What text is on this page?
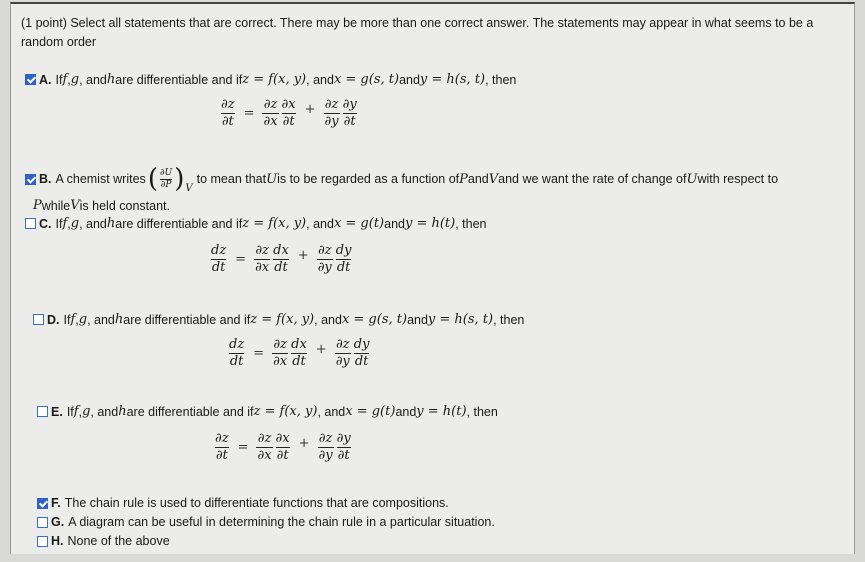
(1 point) Select all statements that are correct. There may be more than one correct answer. The statements may appear in what seems to be a random order
A. If f , g , and h are differentiable and if z = f(x, y) , and x = g(s, t) and y = h(s, t) , then
$\frac{\partial z}{\partial t} = \frac{\partial z}{\partial x} \frac{\partial x}{\partial t} + \frac{\partial z}{\partial y} \frac{\partial y}{\partial t}$
B. A chemist writes ( $\frac{\partial U}{\partial P}$ ) V
to mean that U is to be regarded as a function of P and V and we want the rate of change of U with respect to
P while V is held constant.
C. If f , g , and h are differentiable and if z = f(x, y) , and x = g(t) and y = h(t) , then
$\frac{dz}{dt} = \frac{\partial z}{\partial x} \frac{dx}{dt} + \frac{\partial z}{\partial y} \frac{dy}{dt}$
D. If f , g , and h are differentiable and if z = f(x, y) , and x = g(s, t) and y = h(s, t) , then
$\frac{dz}{dt} = \frac{\partial z}{\partial x} \frac{dx}{dt} + \frac{\partial z}{\partial y} \frac{dy}{dt}$
E. If f , g , and h are differentiable and if z = f(x, y) , and x = g(t) and y = h(t) , then
$\frac{\partial z}{\partial t} = \frac{\partial z}{\partial x} \frac{\partial x}{\partial t} + \frac{\partial z}{\partial y} \frac{\partial y}{\partial t}$
F. The chain rule is used to differentiate functions that are compositions.
G. A diagram can be useful in determining the chain rule in a particular situation.
H. None of the above
